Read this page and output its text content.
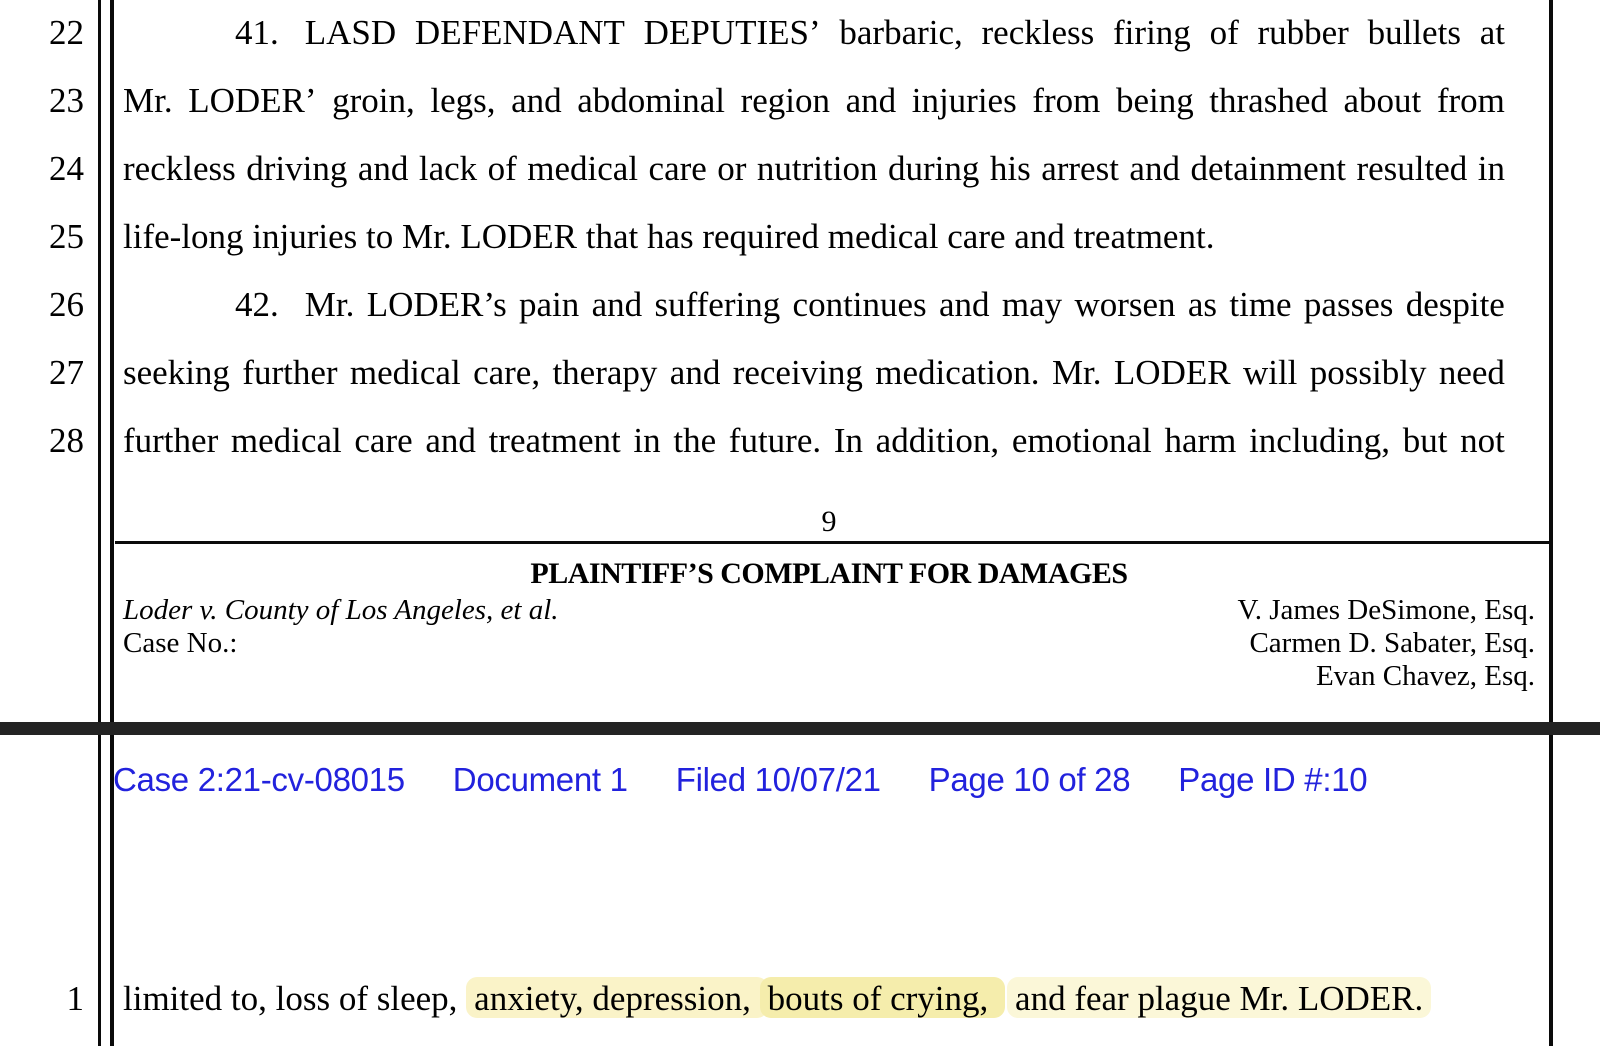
22
23
24
25
26
27
28
41. LASD DEFENDANT DEPUTIES’ barbaric, reckless firing of rubber bullets at
Mr. LODER’ groin, legs, and abdominal region and injuries from being thrashed about from
reckless driving and lack of medical care or nutrition during his arrest and detainment resulted in
life-long injuries to Mr. LODER that has required medical care and treatment.
42. Mr. LODER’s pain and suffering continues and may worsen as time passes despite
seeking further medical care, therapy and receiving medication. Mr. LODER will possibly need
further medical care and treatment in the future. In addition, emotional harm including, but not
9
PLAINTIFF’S COMPLAINT FOR DAMAGES
Loder v. County of Los Angeles, et al.	V. James DeSimone, Esq.
Case No.:	Carmen D. Sabater, Esq.
Evan Chavez, Esq.
Case 2:21-cv-08015 Document 1 Filed 10/07/21 Page 10 of 28 Page ID #:10
1 limited to, loss of sleep, anxiety, depression, bouts of crying, and fear plague Mr. LODER.
